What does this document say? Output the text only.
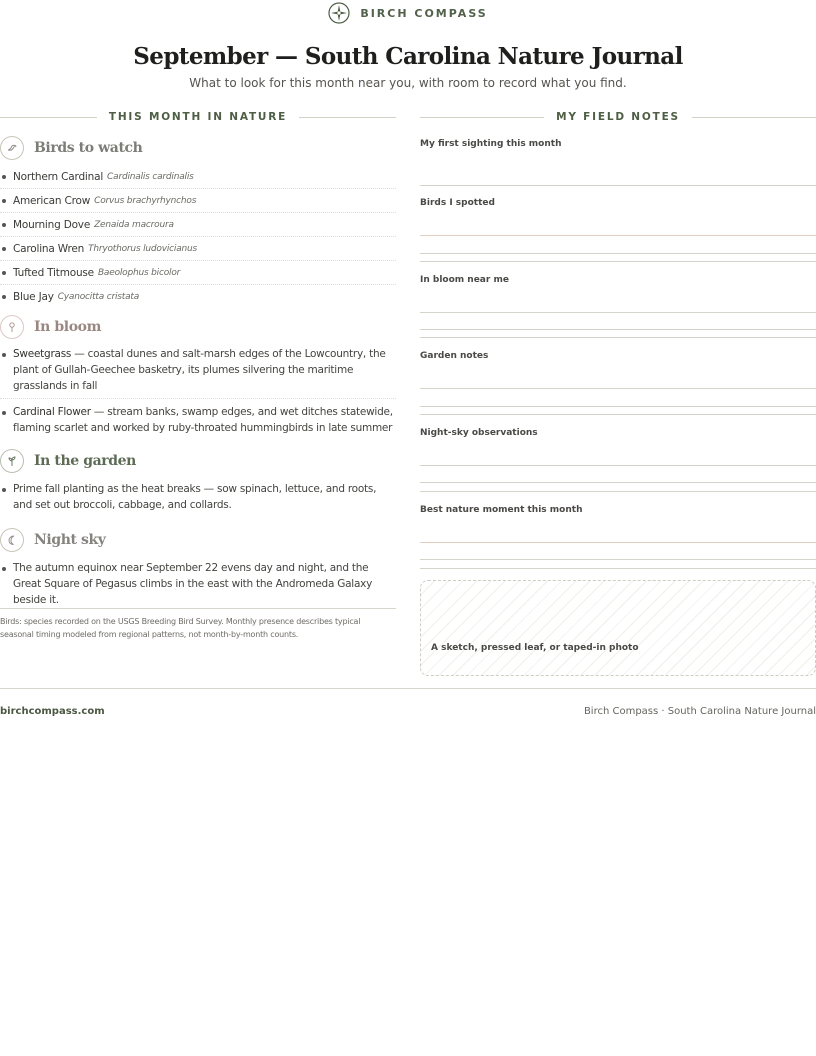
BIRCH COMPASS
September — South Carolina Nature Journal
What to look for this month near you, with room to record what you find.
THIS MONTH IN NATURE
Birds to watch
Northern Cardinal Cardinalis cardinalis
American Crow Corvus brachyrhynchos
Mourning Dove Zenaida macroura
Carolina Wren Thryothorus ludovicianus
Tufted Titmouse Baeolophus bicolor
Blue Jay Cyanocitta cristata
In bloom
Sweetgrass — coastal dunes and salt-marsh edges of the Lowcountry, the plant of Gullah-Geechee basketry, its plumes silvering the maritime grasslands in fall
Cardinal Flower — stream banks, swamp edges, and wet ditches statewide, flaming scarlet and worked by ruby-throated hummingbirds in late summer
In the garden
Prime fall planting as the heat breaks — sow spinach, lettuce, and roots, and set out broccoli, cabbage, and collards.
Night sky
The autumn equinox near September 22 evens day and night, and the Great Square of Pegasus climbs in the east with the Andromeda Galaxy beside it.
Birds: species recorded on the USGS Breeding Bird Survey. Monthly presence describes typical seasonal timing modeled from regional patterns, not month-by-month counts.
MY FIELD NOTES
My first sighting this month
Birds I spotted
In bloom near me
Garden notes
Night-sky observations
Best nature moment this month
A sketch, pressed leaf, or taped-in photo
birchcompass.com	Birch Compass · South Carolina Nature Journal
